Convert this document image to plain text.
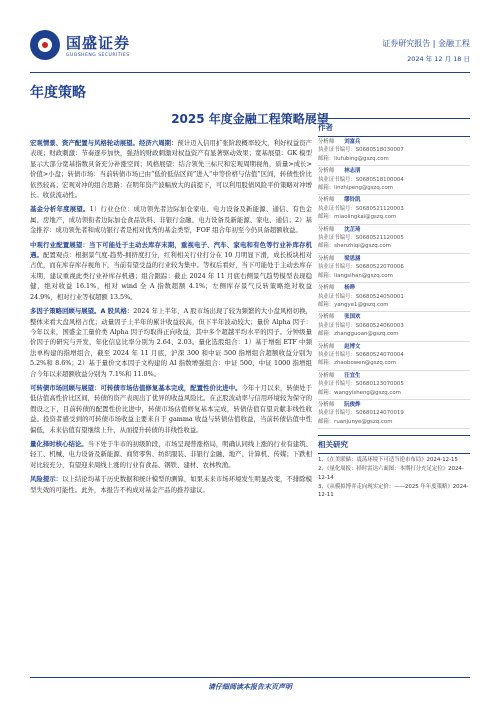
国盛证券
GUOSHENG SECURITIES
证券研究报告 | 金融工程
2024 年 12 月 18 日
年度策略
2025 年度金融工程策略展望

宏观情景、资产配置与风格轮动展望。经济六周期：预计迈入信用扩张阶段概率较大，利好权益资产表现；财政刺激：节奏逐步加快，强劲的财政刺激对权益资产有显著驱动效果；宽基展望：GK 模型显示大部分宽基指数具备充分补涨空间；风格展望：结合领先三标尺和宏观周期视角，质量>成长>价值>小盘；转债市场：当前转债市场已由“低价低估区间”进入“中等价格与估值”区间，转债性价比依然较高；宏观对冲的组合思路：在明年资产波幅放大的前提下，可以利用股债风险平价策略对冲增长。收获流动性。

基金分析年度展望。1）行业仓位：成功领先者边际加仓家电、电力设备及新能源、通信、有色金属、房地产，成功领衔者边际加仓食品饮料、非银行金融、电力设备及新能源、家电、通信；2）基金推荐：成功领先者和成功银行者是相对优秀的基金类型，FOF 组合年初至今仍具备超额收益。

中观行业配置展望：当下可能处于主动去库存末期，重视电子、汽车、家电和有色等行业补库存机遇。配置观点：根据景气度-趋势-拥挤度打分，红利相关行业打分在 10 月明显下滑，成长板块相对占优，而在库存库存视角下，当前有望受益的行业较为集中。等权后看好，当下可能处于主动去库存末期，建议重视此类行业补库存机遇；组合跟踪：截止 2024 年 11 月底右侧景气趋势模型表现稳健，绝对收益 16.1%，相对 wind 全 A 指数超额 4.1%；左侧库存景气反转策略绝对收益 24.9%，相对行业等权超额 13.5%。

多因子策略回顾与展望。A 股风格：2024 年上半年，A 股市场出现了较为频繁的大小盘风格切换，整体来看大盘风格占优；动量因子上半年的累计收益较高，但下半年波动较大；量价 Alpha 因子：今年以来，国盛金工量价类 Alpha 因子均取得正向收益，其中多个超越平均水平的因子。分钟级量价因子的研究与开发，年化信息比率分别为 2.64、2.03。量化选股组合：1）基于增强 ETF 中频法单构建的指增组合，截至 2024 年 11 月底，沪深 300 和中证 500 指增组合超额收益分别为 5.2%和 8.6%；2）基于量价文本因子文构建的 AI 指数增强组合：中证 500、中证 1000 指增组合今年以来超额收益分别为 7.1%和 11.0%。

可转债市场回顾与展望：可转债市场估值修复基本完成，配置性价比进中。今年十月以来，转债处于低估值高性价比区间，转债的资产表现出了优异的收益风险比。在正股波动率与信用环境较为保守的假设之下，目前转债的配置性价比进中，转债市场估值修复基本完成，转债估值有望贡献非线性收益。投资者感受到的可转债市场收益主要来自于 gamma 收益与转债估值收益，当前转债估值中性偏低，未来估值有望继续上升，从而提升转债的非线性收益。

量化择时核心结论。当下处于牛市的初级阶段，市场呈现普涨格局，明确认同线上涨的行业有建筑、轻工、机械、电力设备及新能源、商贸零售、纺织服装、非银行金融、地产、计算机、传媒；下跌相对比较充分，有望迎来周线上涨的行业有食品、钢铁、建材、农林牧渔。

风险提示：以上结论均基于历史数据和统计模型的测算，如果未来市场环境发生明显改变，不排除模型失效的可能性。此外，本报告不构成对基金产品的推荐建议。

作者
分析师 刘富兵
执业证书编号：S0680518030007
邮箱：liufubing@gszq.com
分析师 林志朋
执业证书编号：S0680518100004
邮箱：linzhipeng@gszq.com
分析师 缪铃凯
执业证书编号：S0680521120003
邮箱：miaolingkai@gszq.com
分析师 沈芷琦
执业证书编号：S0680521120005
邮箱：shenzhiqi@gszq.com
分析师 梁思涵
执业证书编号：S0680522070006
邮箱：liangsihan@gszq.com
分析师 杨晔
执业证书编号：S0680524050001
邮箱：yangye1@gszq.com
分析师 张国欢
执业证书编号：S0680524060003
邮箱：zhangguoan@gszq.com
分析师 赵博文
执业证书编号：S0680524070004
邮箱：zhaobowen@gszq.com
分析师 汪宜生
执业证书编号：S0680123070005
邮箱：wangyisheng@gszq.com
分析师 阮俊烨
执业证书编号：S0680124070019
邮箱：ruanjunye@gszq.com
相关研究
1、《在美联储：震荡环境下可适当逆市布局》2024-12-15
2、《量化周报：择时雷达六面图：本期打分充足定位》2024-12-14
3、《从模拟博弈走向现实定价：——2025 年年度策略》2024-12-11
请仔细阅读本报告末页声明
